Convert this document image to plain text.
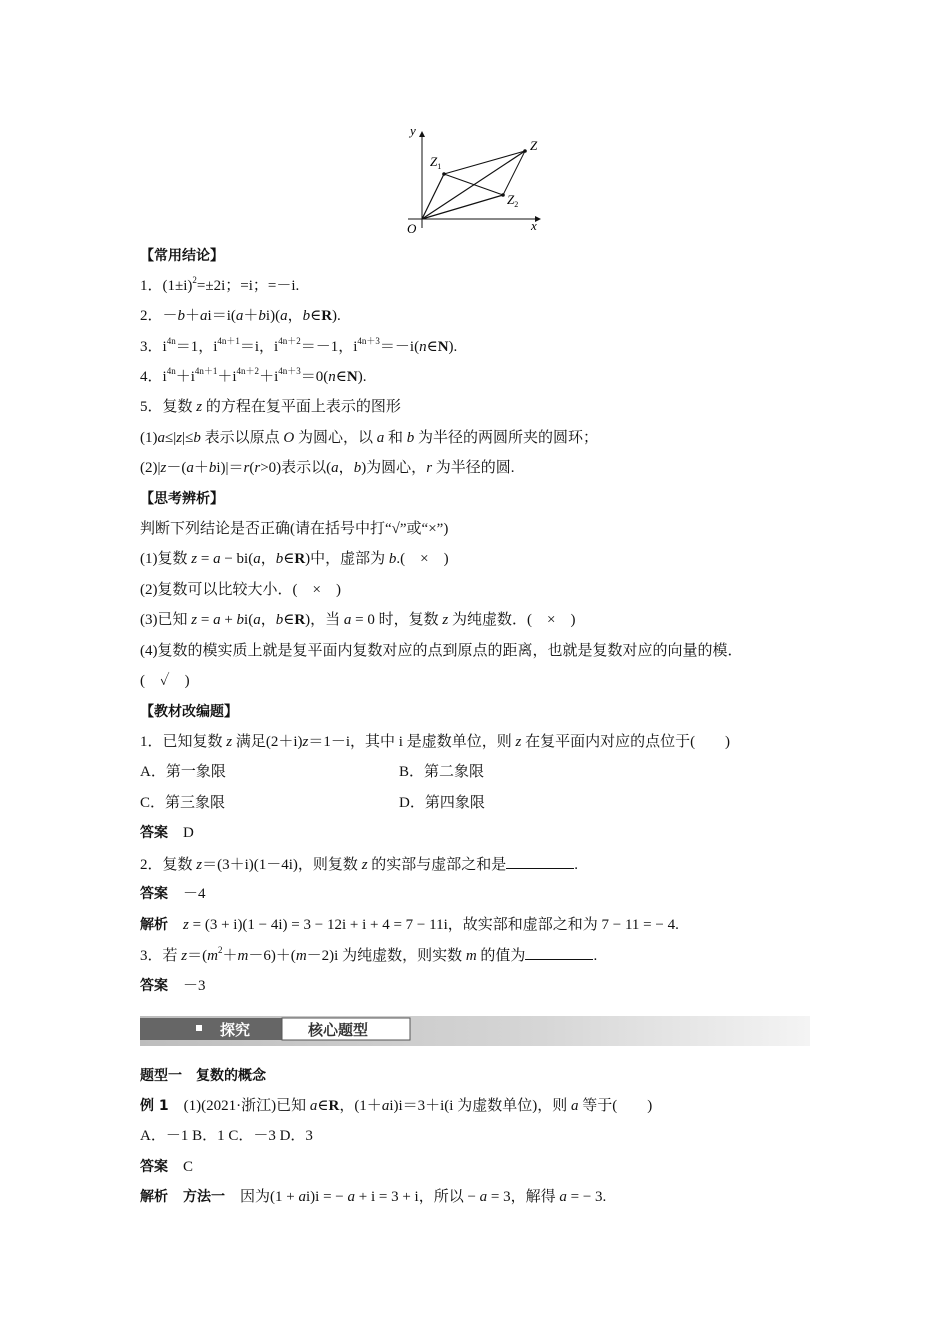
y
x
O
Z
$Z_1$
$Z_2$
【常用结论】
1．$(1\pm i)^2=\pm 2i$；=i；=－i.
2．－b＋ai＝i(a＋bi)(a，b∈R).
3．$i^{4n}=1$，$i^{4n+1}=i$，$i^{4n+2}=-1$，$i^{4n+3}=-i(n\in N)$.
4．$i^{4n}+i^{4n+1}+i^{4n+2}+i^{4n+3}=0(n\in N)$.
5．复数 z 的方程在复平面上表示的图形
(1)a≤|z|≤b 表示以原点 O 为圆心，以 a 和 b 为半径的两圆所夹的圆环；
(2)|z－(a＋bi)|＝r(r>0)表示以(a，b)为圆心，r 为半径的圆.
【思考辨析】
判断下列结论是否正确(请在括号中打“√”或“×”)
(1)复数 z = a − bi(a，b∈R)中，虚部为 b.(　×　)
(2)复数可以比较大小．(　×　)
(3)已知 z = a + bi(a，b∈R)，当 a = 0 时，复数 z 为纯虚数．(　×　)
(4)复数的模实质上就是复平面内复数对应的点到原点的距离，也就是复数对应的向量的模．
(　✓　)
【教材改编题】
1．已知复数 z 满足(2＋i)z＝1－i，其中 i 是虚数单位，则 z 在复平面内对应的点位于(　　)
A．第一象限	B．第二象限
C．第三象限	D．第四象限
答案　 D
2．复数 z＝(3＋i)(1－4i)，则复数 z 的实部与虚部之和是	.
答案　 －4
解析　 z = (3 + i)(1 − 4i) = 3 − 12i + i + 4 = 7 − 11i，故实部和虚部之和为 7 − 11 = − 4.
3．若 $z=(m^2+m-6)+(m-2)i$ 为纯虚数，则实数 m 的值为	.
答案　 －3
探究	核心题型
题型一　复数的概念
例 1　(1)(2021·浙江)已知 a∈R，(1＋ai)i＝3＋i(i 为虚数单位)，则 a 等于(　　)
A．－1 B．1 C．－3 D．3
答案　 C
解析　 方法一　因为(1 + ai)i = − a + i = 3 + i，所以 − a = 3，解得 a = − 3.
